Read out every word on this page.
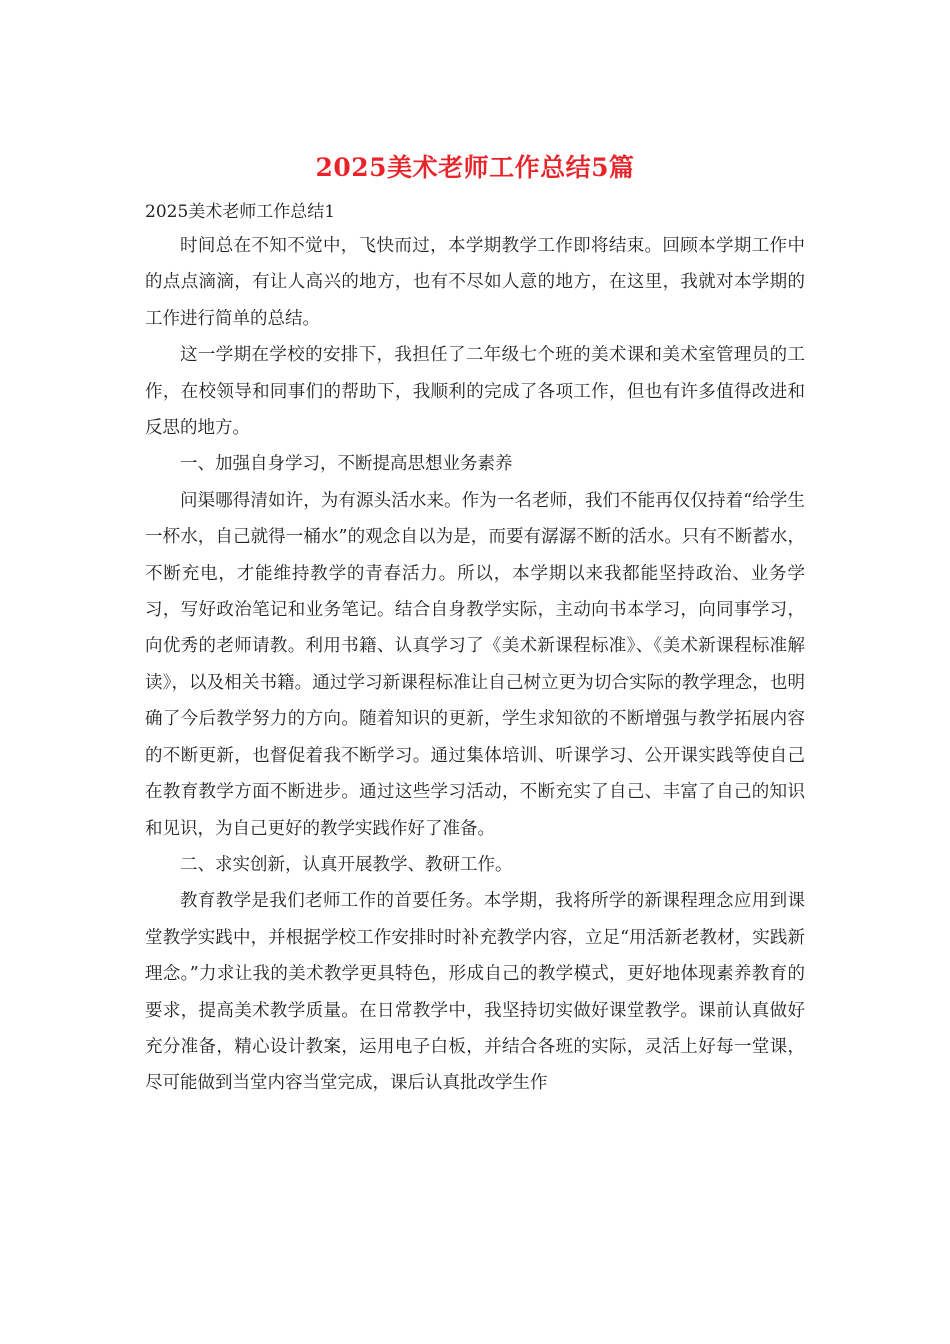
2025美术老师工作总结5篇
2025美术老师工作总结1

时间总在不知不觉中，飞快而过，本学期教学工作即将结束。回顾本学期工作中的点点滴滴，有让人高兴的地方，也有不尽如人意的地方，在这里，我就对本学期的工作进行简单的总结。

这一学期在学校的安排下，我担任了二年级七个班的美术课和美术室管理员的工作，在校领导和同事们的帮助下，我顺利的完成了各项工作，但也有许多值得改进和反思的地方。

一、加强自身学习，不断提高思想业务素养

问渠哪得清如许，为有源头活水来。作为一名老师，我们不能再仅仅持着“给学生一杯水，自己就得一桶水”的观念自以为是，而要有潺潺不断的活水。只有不断蓄水，不断充电，才能维持教学的青春活力。所以，本学期以来我都能坚持政治、业务学习，写好政治笔记和业务笔记。结合自身教学实际，主动向书本学习，向同事学习，向优秀的老师请教。利用书籍、认真学习了《美术新课程标准》、《美术新课程标准解读》，以及相关书籍。通过学习新课程标准让自己树立更为切合实际的教学理念，也明确了今后教学努力的方向。随着知识的更新，学生求知欲的不断增强与教学拓展内容的不断更新，也督促着我不断学习。通过集体培训、听课学习、公开课实践等使自己在教育教学方面不断进步。通过这些学习活动，不断充实了自己、丰富了自己的知识和见识，为自己更好的教学实践作好了准备。

二、求实创新，认真开展教学、教研工作。

教育教学是我们老师工作的首要任务。本学期，我将所学的新课程理念应用到课堂教学实践中，并根据学校工作安排时时补充教学内容，立足“用活新老教材，实践新理念。”力求让我的美术教学更具特色，形成自己的教学模式，更好地体现素养教育的要求，提高美术教学质量。在日常教学中，我坚持切实做好课堂教学。课前认真做好充分准备，精心设计教案，运用电子白板，并结合各班的实际，灵活上好每一堂课，尽可能做到当堂内容当堂完成，课后认真批改学生作
